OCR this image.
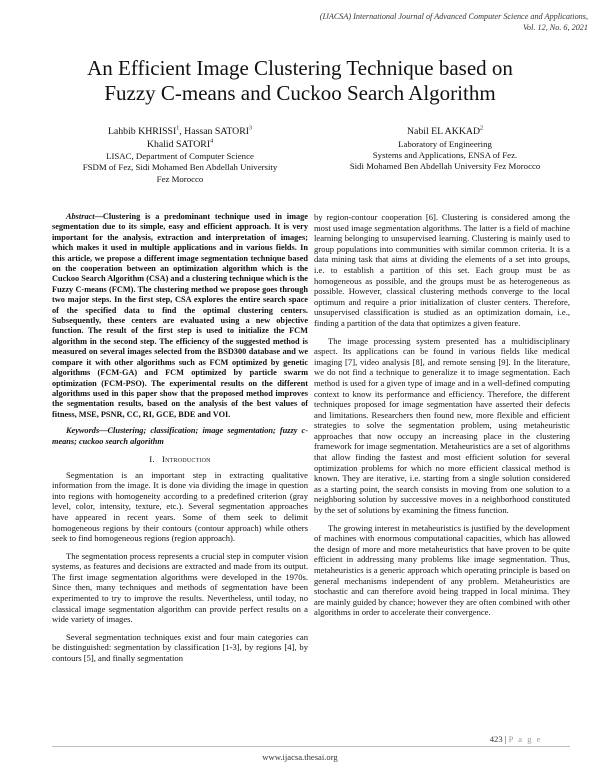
(IJACSA) International Journal of Advanced Computer Science and Applications,
Vol. 12, No. 6, 2021
An Efficient Image Clustering Technique based on
Fuzzy C-means and Cuckoo Search Algorithm
Lahbib KHRISSI$^1$, Hassan SATORI$^3$
Khalid SATORI$^4$
LISAC, Department of Computer Science
FSDM of Fez, Sidi Mohamed Ben Abdellah University
Fez Morocco
Nabil EL AKKAD$^2$
Laboratory of Engineering
Systems and Applications, ENSA of Fez.
Sidi Mohamed Ben Abdellah University Fez Morocco
Abstract—Clustering is a predominant technique used in image segmentation due to its simple, easy and efficient approach. It is very important for the analysis, extraction and interpretation of images; which makes it used in multiple applications and in various fields. In this article, we propose a different image segmentation technique based on the cooperation between an optimization algorithm which is the Cuckoo Search Algorithm (CSA) and a clustering technique which is the Fuzzy C-means (FCM). The clustering method we propose goes through two major steps. In the first step, CSA explores the entire search space of the specified data to find the optimal clustering centers. Subsequently, these centers are evaluated using a new objective function. The result of the first step is used to initialize the FCM algorithm in the second step. The efficiency of the suggested method is measured on several images selected from the BSD300 database and we compare it with other algorithms such as FCM optimized by genetic algorithms (FCM-GA) and FCM optimized by particle swarm optimization (FCM-PSO). The experimental results on the different algorithms used in this paper show that the proposed method improves the segmentation results, based on the analysis of the best values of fitness, MSE, PSNR, CC, RI, GCE, BDE and VOI.
Keywords—Clustering; classification; image segmentation; fuzzy c-means; cuckoo search algorithm
I. Introduction

Segmentation is an important step in extracting qualitative information from the image. It is done via dividing the image in question into regions with homogeneity according to a predefined criterion (gray level, color, intensity, texture, etc.). Several segmentation approaches have appeared in recent years. Some of them seek to delimit homogeneous regions by their contours (contour approach) while others seek to find homogeneous regions (region approach).

The segmentation process represents a crucial step in computer vision systems, as features and decisions are extracted and made from its output. The first image segmentation algorithms were developed in the 1970s. Since then, many techniques and methods of segmentation have been experimented to try to improve the results. Nevertheless, until today, no classical image segmentation algorithm can provide perfect results on a wide variety of images.

Several segmentation techniques exist and four main categories can be distinguished: segmentation by classification [1-3], by regions [4], by contours [5], and finally segmentation

by region-contour cooperation [6]. Clustering is considered among the most used image segmentation algorithms. The latter is a field of machine learning belonging to unsupervised learning. Clustering is mainly used to group populations into communities with similar common criteria. It is a data mining task that aims at dividing the elements of a set into groups, i.e. to establish a partition of this set. Each group must be as homogeneous as possible, and the groups must be as heterogeneous as possible. However, classical clustering methods converge to the local optimum and require a prior initialization of cluster centers. Therefore, unsupervised classification is studied as an optimization domain, i.e., finding a partition of the data that optimizes a given feature.

The image processing system presented has a multidisciplinary aspect. Its applications can be found in various fields like medical imaging [7], video analysis [8], and remote sensing [9]. In the literature, we do not find a technique to generalize it to image segmentation. Each method is used for a given type of image and in a well-defined computing context to know its performance and efficiency. Therefore, the different techniques proposed for image segmentation have asserted their defects and limitations. Researchers then found new, more flexible and efficient strategies to solve the segmentation problem, using metaheuristic approaches that now occupy an increasing place in the clustering framework for image segmentation. Metaheuristics are a set of algorithms that allow finding the fastest and most efficient solution for several optimization problems for which no more efficient classical method is known. They are iterative, i.e. starting from a single solution considered as a starting point, the search consists in moving from one solution to a neighboring solution by successive moves in a neighborhood constituted by the set of solutions by examining the fitness function.

The growing interest in metaheuristics is justified by the development of machines with enormous computational capacities, which has allowed the design of more and more metaheuristics that have proven to be quite efficient in addressing many problems like image segmentation. Thus, metaheuristics is a generic approach which operating principle is based on general mechanisms independent of any problem. Metaheuristics are stochastic and can therefore avoid being trapped in local minima. They are mainly guided by chance; however they are often combined with other algorithms in order to accelerate their convergence.

423 | P a g e
www.ijacsa.thesai.org
